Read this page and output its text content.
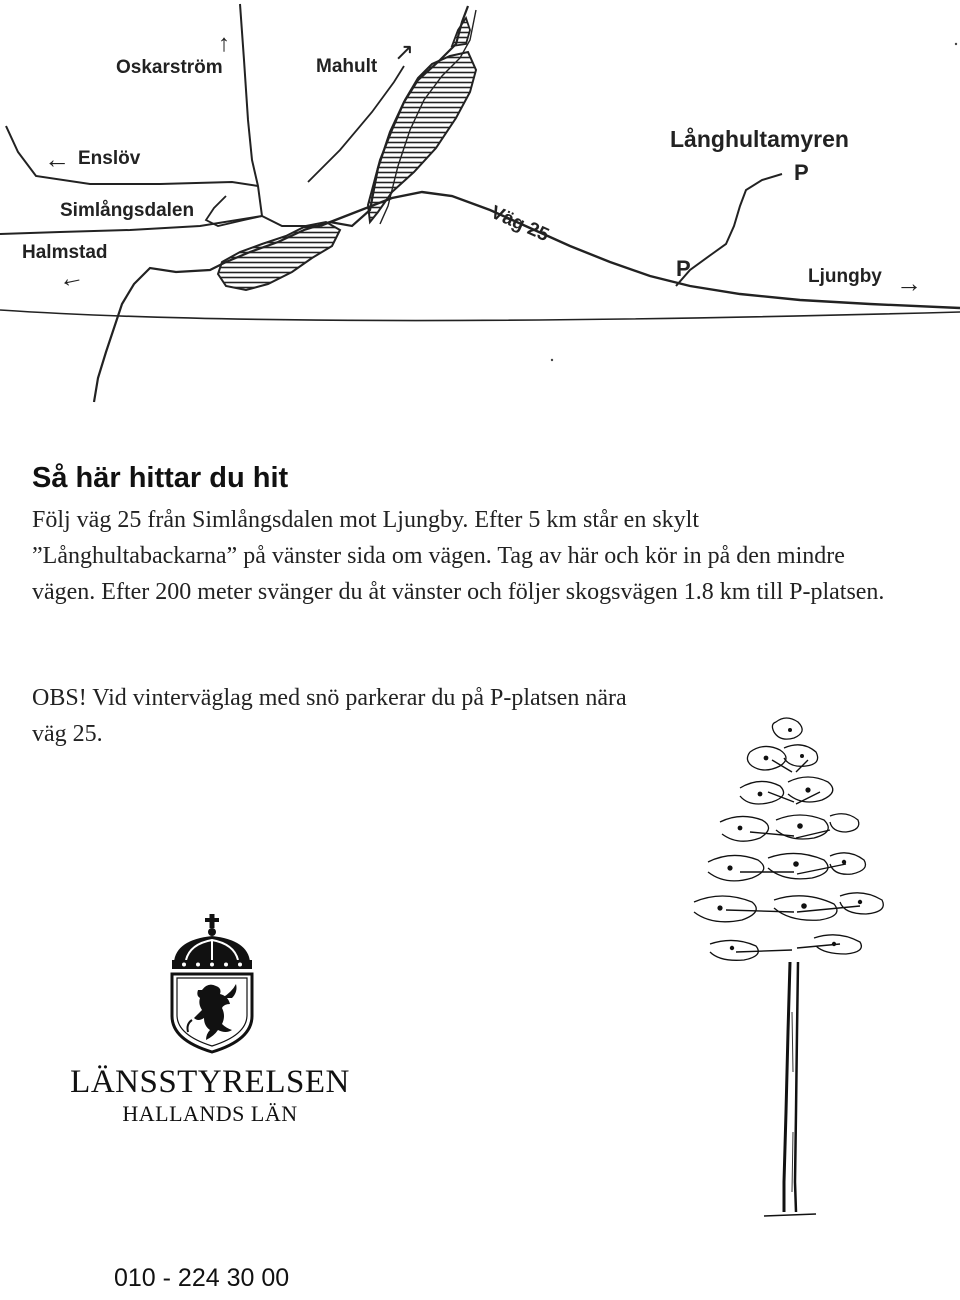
Oskarström
↑
Mahult
↗
← Enslöv
Simlångsdalen
Halmstad
←
Väg 25
Långhultamyren
P
P	Ljungby →
Så här hittar du hit
Följ väg 25 från Simlångsdalen mot Ljungby. Efter 5 km står en skylt ”Långhultabackarna” på vänster sida om vägen. Tag av här och kör in på den mindre vägen. Efter 200 meter svänger du åt vänster och följer skogsvägen 1.8 km till P-platsen.
OBS! Vid vinterväglag med snö parkerar du på P-platsen nära väg 25.
LÄNSSTYRELSEN
HALLANDS LÄN
010 - 224 30 00
